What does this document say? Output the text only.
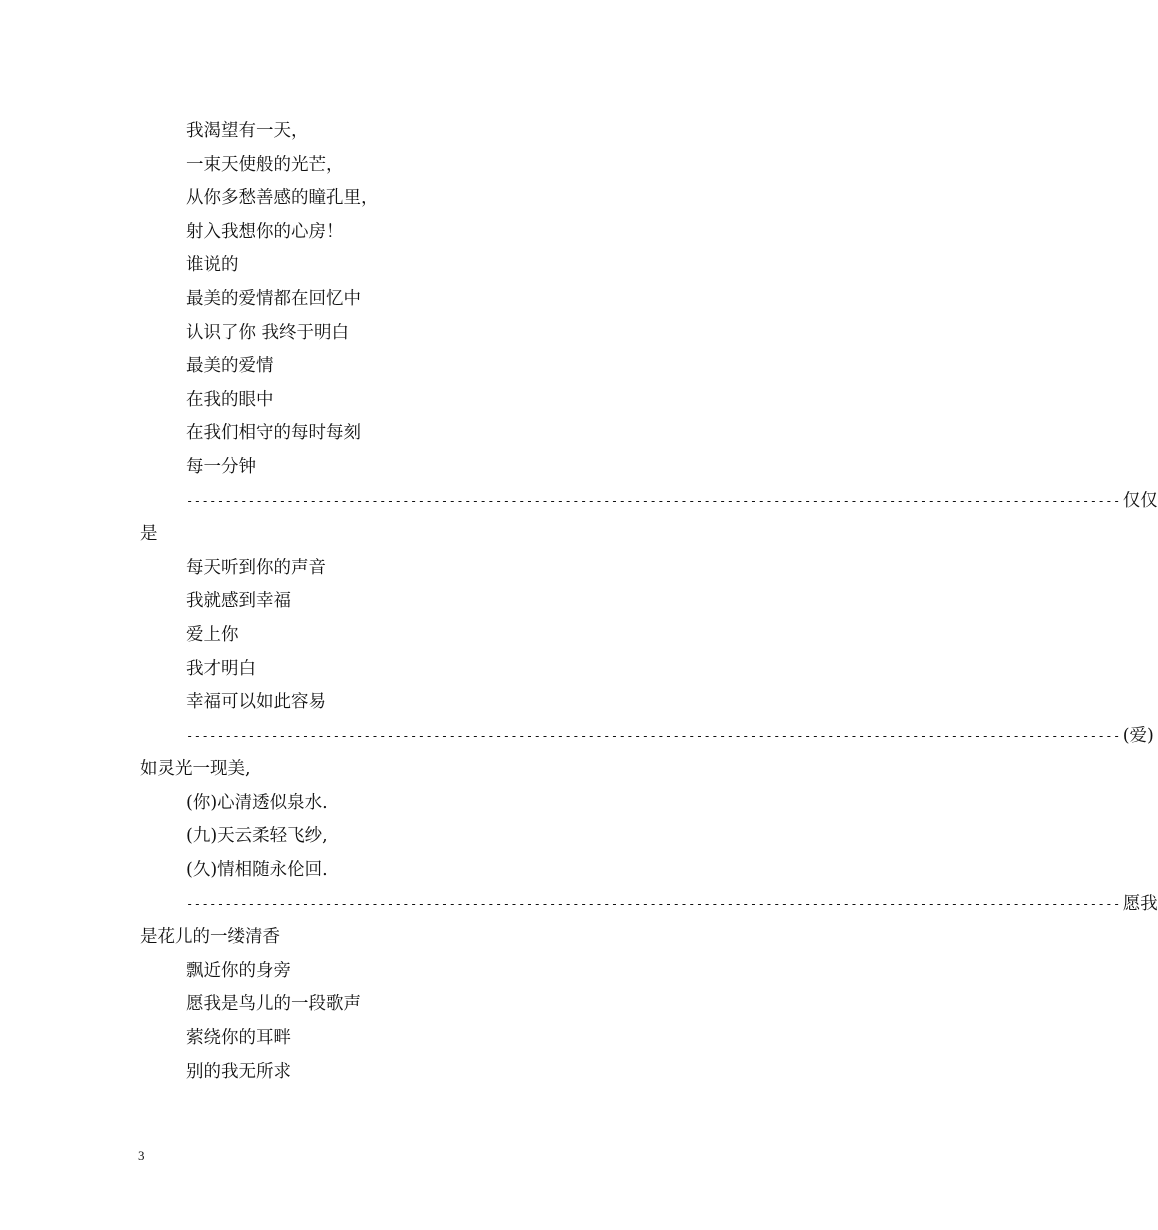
我渴望有一天，
一束天使般的光芒，
从你多愁善感的瞳孔里，
射入我想你的心房！
谁说的
最美的爱情都在回忆中
认识了你 我终于明白
最美的爱情
在我的眼中
在我们相守的每时每刻
每一分钟
------------------------------------------------------------------------------------------------------------------------- 仅仅
是
每天听到你的声音
我就感到幸福
爱上你
我才明白
幸福可以如此容易
------------------------------------------------------------------------------------------------------------------------- (爱)
如灵光一现美,
(你)心清透似泉水.
(九)天云柔轻飞纱,
(久)情相随永伦回.
------------------------------------------------------------------------------------------------------------------------- 愿我
是花儿的一缕清香
飘近你的身旁
愿我是鸟儿的一段歌声
萦绕你的耳畔
别的我无所求
3
